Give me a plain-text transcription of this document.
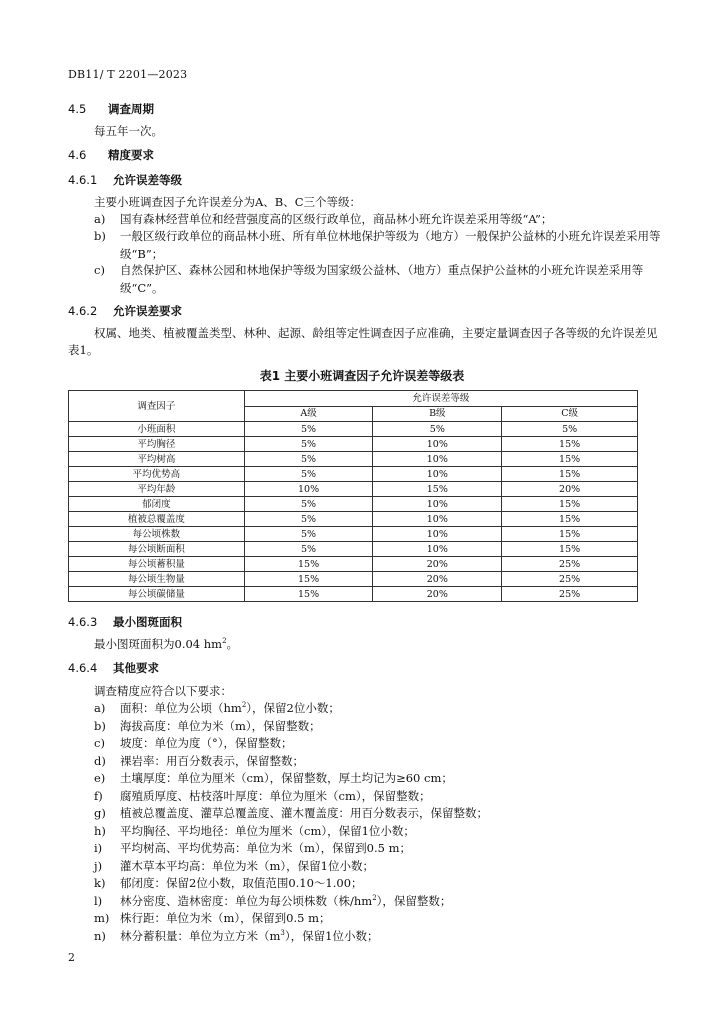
DB11/ T 2201—2023
4.5 调查周期
每五年一次。
4.6 精度要求
4.6.1 允许误差等级
主要小班调查因子允许误差分为A、B、C三个等级：
a)	国有森林经营单位和经营强度高的区级行政单位，商品林小班允许误差采用等级“A”；
b)	一般区级行政单位的商品林小班、所有单位林地保护等级为（地方）一般保护公益林的小班允许误差采用等级“B”；
c)	自然保护区、森林公园和林地保护等级为国家级公益林、（地方）重点保护公益林的小班允许误差采用等级“C”。
4.6.2 允许误差要求
权属、地类、植被覆盖类型、林种、起源、龄组等定性调查因子应准确，主要定量调查因子各等级的允许误差见表1。
表1 主要小班调查因子允许误差等级表
调查因子	允许误差等级		
	A级	B级	C级
小班面积	5%	5%	5%
平均胸径	5%	10%	15%
平均树高	5%	10%	15%
平均优势高	5%	10%	15%
平均年龄	10%	15%	20%
郁闭度	5%	10%	15%
植被总覆盖度	5%	10%	15%
每公顷株数	5%	10%	15%
每公顷断面积	5%	10%	15%
每公顷蓄积量	15%	20%	25%
每公顷生物量	15%	20%	25%
每公顷碳储量	15%	20%	25%
4.6.3 最小图斑面积
最小图斑面积为0.04 $hm^2$。
4.6.4 其他要求
调查精度应符合以下要求：
a)	面积：单位为公顷$(hm^2)$，保留2位小数；
b)	海拔高度：单位为米（m），保留整数；
c)	坡度：单位为度（°），保留整数；
d)	裸岩率：用百分数表示，保留整数；
e)	土壤厚度：单位为厘米（cm），保留整数，厚土均记为≥60 cm；
f)	腐殖质厚度、枯枝落叶厚度：单位为厘米（cm），保留整数；
g)	植被总覆盖度、灌草总覆盖度、灌木覆盖度：用百分数表示，保留整数；
h)	平均胸径、平均地径：单位为厘米（cm），保留1位小数；
i)	平均树高、平均优势高：单位为米（m），保留到0.5 m；
j)	灌木草本平均高：单位为米（m），保留1位小数；
k)	郁闭度：保留2位小数，取值范围0.10～1.00；
l)	林分密度、造林密度：单位为每公顷株数（株$/hm^2$），保留整数；
m) 株行距：单位为米（m），保留到0.5 m；
n)	林分蓄积量：单位为立方米$(m^3)$，保留1位小数；
2
